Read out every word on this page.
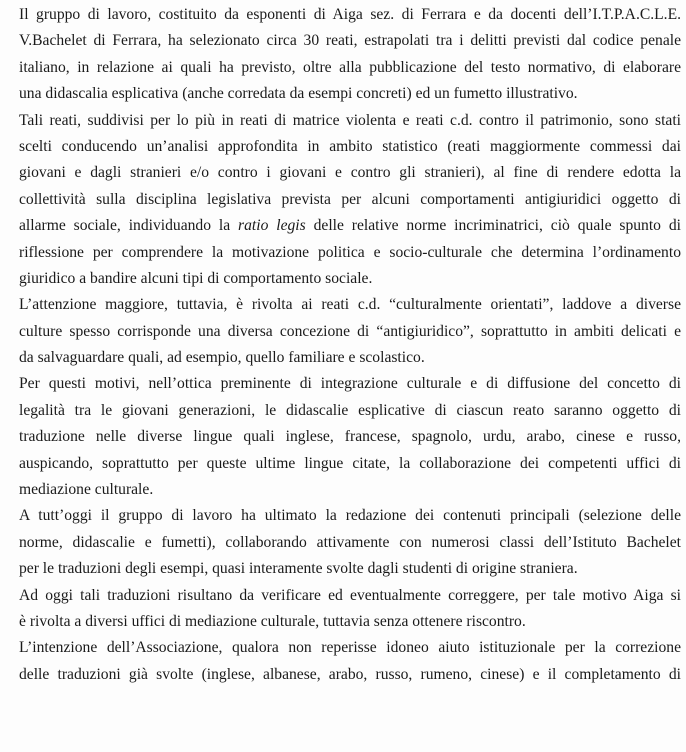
Il gruppo di lavoro, costituito da esponenti di Aiga sez. di Ferrara e da docenti dell’I.T.P.A.C.L.E.
V.Bachelet di Ferrara, ha selezionato circa 30 reati, estrapolati tra i delitti previsti dal codice penale
italiano, in relazione ai quali ha previsto, oltre alla pubblicazione del testo normativo, di elaborare
una didascalia esplicativa (anche corredata da esempi concreti) ed un fumetto illustrativo.
Tali reati, suddivisi per lo più in reati di matrice violenta e reati c.d. contro il patrimonio, sono stati
scelti conducendo un’analisi approfondita in ambito statistico (reati maggiormente commessi dai
giovani e dagli stranieri e/o contro i giovani e contro gli stranieri), al fine di rendere edotta la
collettività sulla disciplina legislativa prevista per alcuni comportamenti antigiuridici oggetto di
allarme sociale, individuando la ratio legis delle relative norme incriminatrici, ciò quale spunto di
riflessione per comprendere la motivazione politica e socio-culturale che determina l’ordinamento
giuridico a bandire alcuni tipi di comportamento sociale.
L’attenzione maggiore, tuttavia, è rivolta ai reati c.d. “culturalmente orientati”, laddove a diverse
culture spesso corrisponde una diversa concezione di “antigiuridico”, soprattutto in ambiti delicati e
da salvaguardare quali, ad esempio, quello familiare e scolastico.
Per questi motivi, nell’ottica preminente di integrazione culturale e di diffusione del concetto di
legalità tra le giovani generazioni, le didascalie esplicative di ciascun reato saranno oggetto di
traduzione nelle diverse lingue quali inglese, francese, spagnolo, urdu, arabo, cinese e russo,
auspicando, soprattutto per queste ultime lingue citate, la collaborazione dei competenti uffici di
mediazione culturale.
A tutt’oggi il gruppo di lavoro ha ultimato la redazione dei contenuti principali (selezione delle
norme, didascalie e fumetti), collaborando attivamente con numerosi classi dell’Istituto Bachelet
per le traduzioni degli esempi, quasi interamente svolte dagli studenti di origine straniera.
Ad oggi tali traduzioni risultano da verificare ed eventualmente correggere, per tale motivo Aiga si
è rivolta a diversi uffici di mediazione culturale, tuttavia senza ottenere riscontro.
L’intenzione dell’Associazione, qualora non reperisse idoneo aiuto istituzionale per la correzione
delle traduzioni già svolte (inglese, albanese, arabo, russo, rumeno, cinese) e il completamento di
